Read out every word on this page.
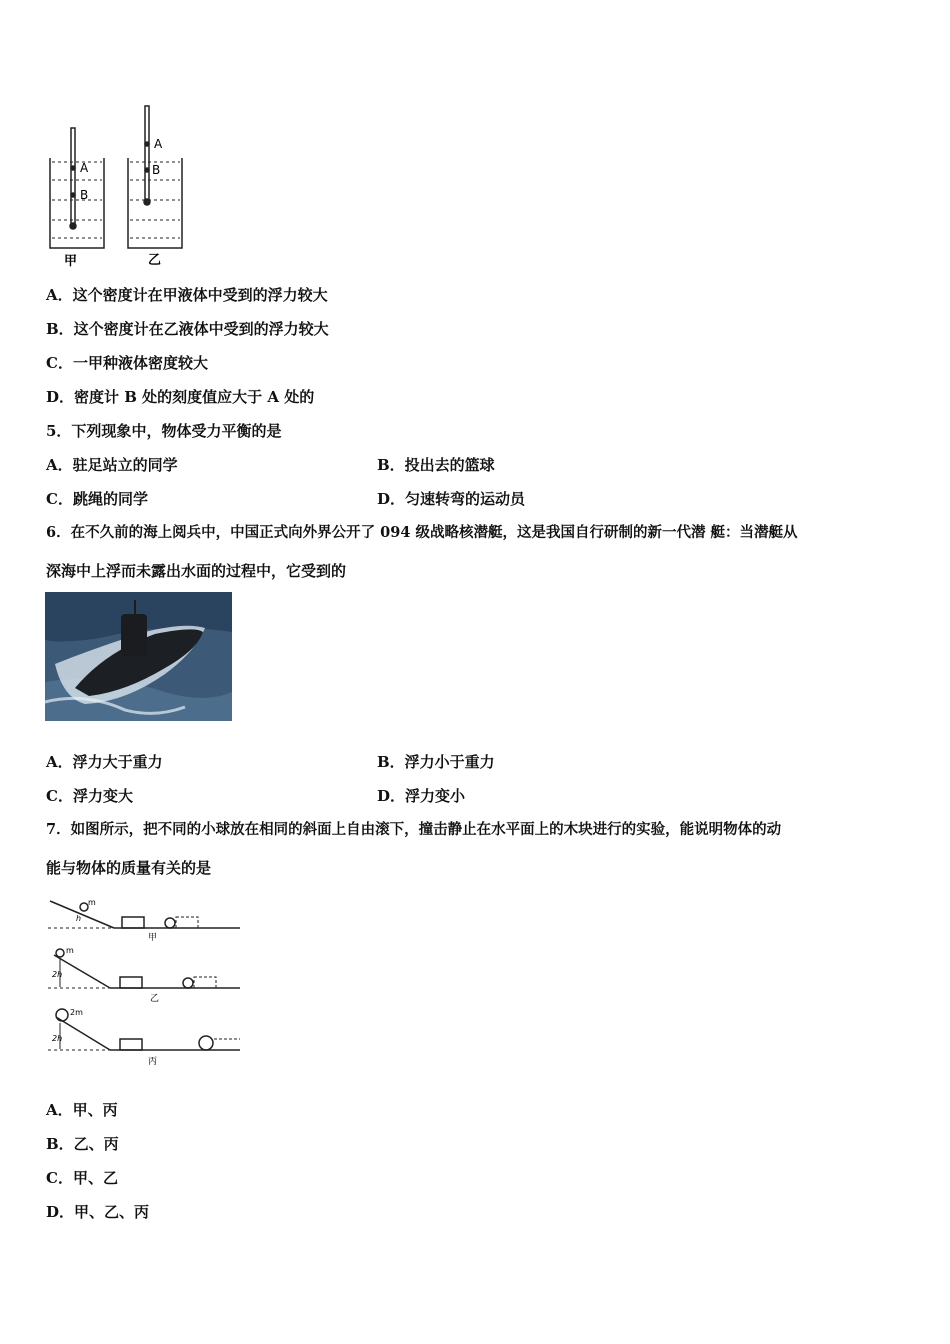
A
B
A
B
甲	乙
A．这个密度计在甲液体中受到的浮力较大
B．这个密度计在乙液体中受到的浮力较大
C．一甲种液体密度较大
D．密度计 B 处的刻度值应大于 A 处的
5．下列现象中，物体受力平衡的是
A．驻足站立的同学	B．投出去的篮球
C．跳绳的同学	D．匀速转弯的运动员
6．在不久前的海上阅兵中，中国正式向外界公开了 094 级战略核潜艇，这是我国自行研制的新一代潜 艇：当潜艇从
深海中上浮而未露出水面的过程中，它受到的
A．浮力大于重力	B．浮力小于重力
C．浮力变大	D．浮力变小
7．如图所示，把不同的小球放在相同的斜面上自由滚下，撞击静止在水平面上的木块进行的实验，能说明物体的动
能与物体的质量有关的是
m
h
甲
m
2h
乙
2m
2h
丙
A．甲、丙
B．乙、丙
C．甲、乙
D．甲、乙、丙
